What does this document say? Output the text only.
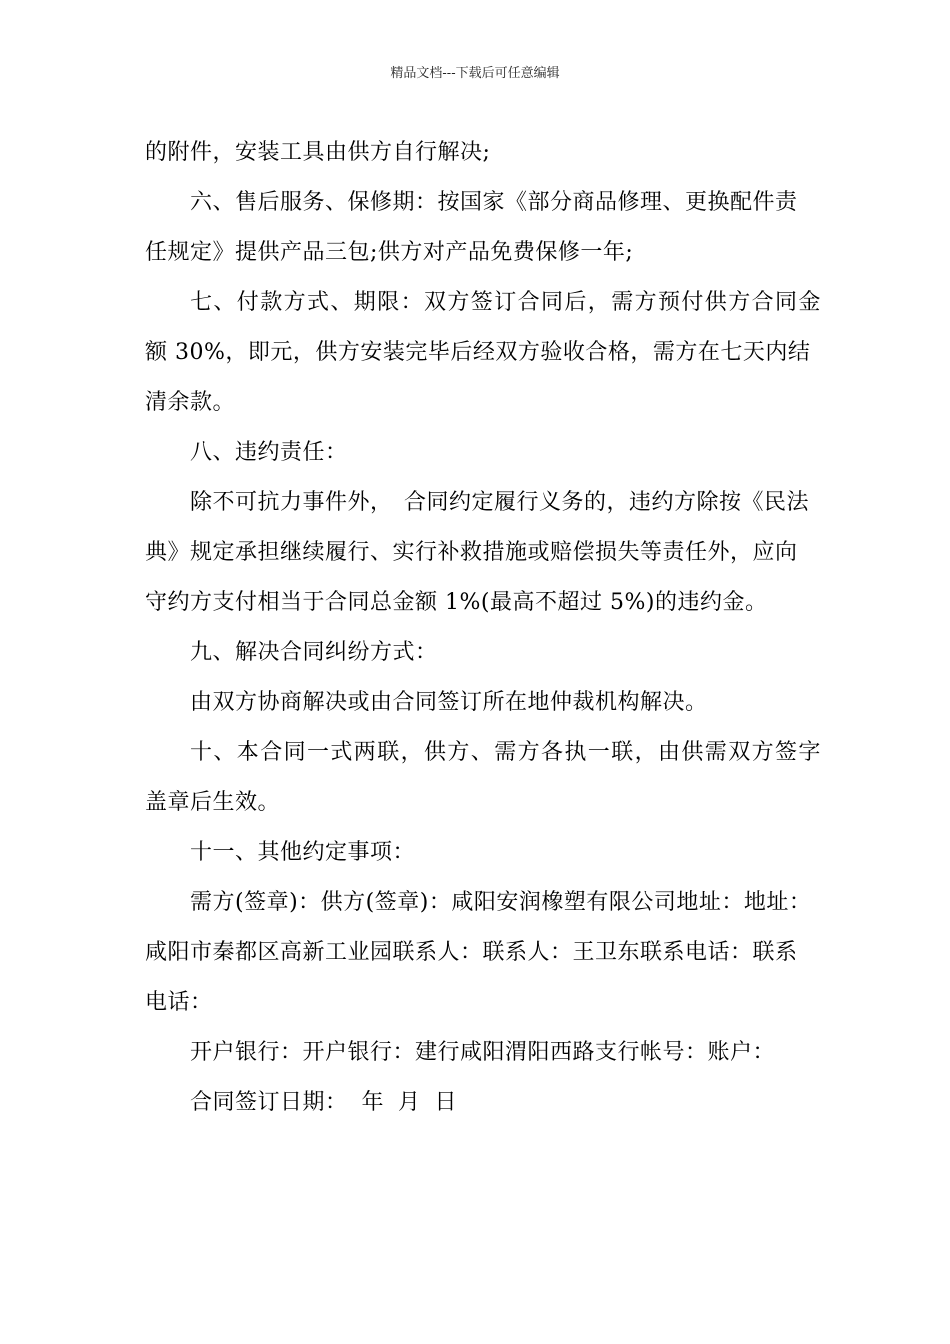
精品文档---下载后可任意编辑

的附件，安装工具由供方自行解决;

六、售后服务、保修期：按国家《部分商品修理、更换配件责

任规定》提供产品三包;供方对产品免费保修一年;

七、付款方式、期限：双方签订合同后，需方预付供方合同金

额 30%，即元，供方安装完毕后经双方验收合格，需方在七天内结

清余款。

八、违约责任：

除不可抗力事件外，　合同约定履行义务的，违约方除按《民法

典》规定承担继续履行、实行补救措施或赔偿损失等责任外，应向

守约方支付相当于合同总金额 1%(最高不超过 5%)的违约金。

九、解决合同纠纷方式：

由双方协商解决或由合同签订所在地仲裁机构解决。

十、本合同一式两联，供方、需方各执一联，由供需双方签字

盖章后生效。

十一、其他约定事项：

需方(签章)：供方(签章)：咸阳安润橡塑有限公司地址：地址：

咸阳市秦都区高新工业园联系人：联系人：王卫东联系电话：联系

电话：

开户银行：开户银行：建行咸阳渭阳西路支行帐号：账户：

合同签订日期： 年 月 日
